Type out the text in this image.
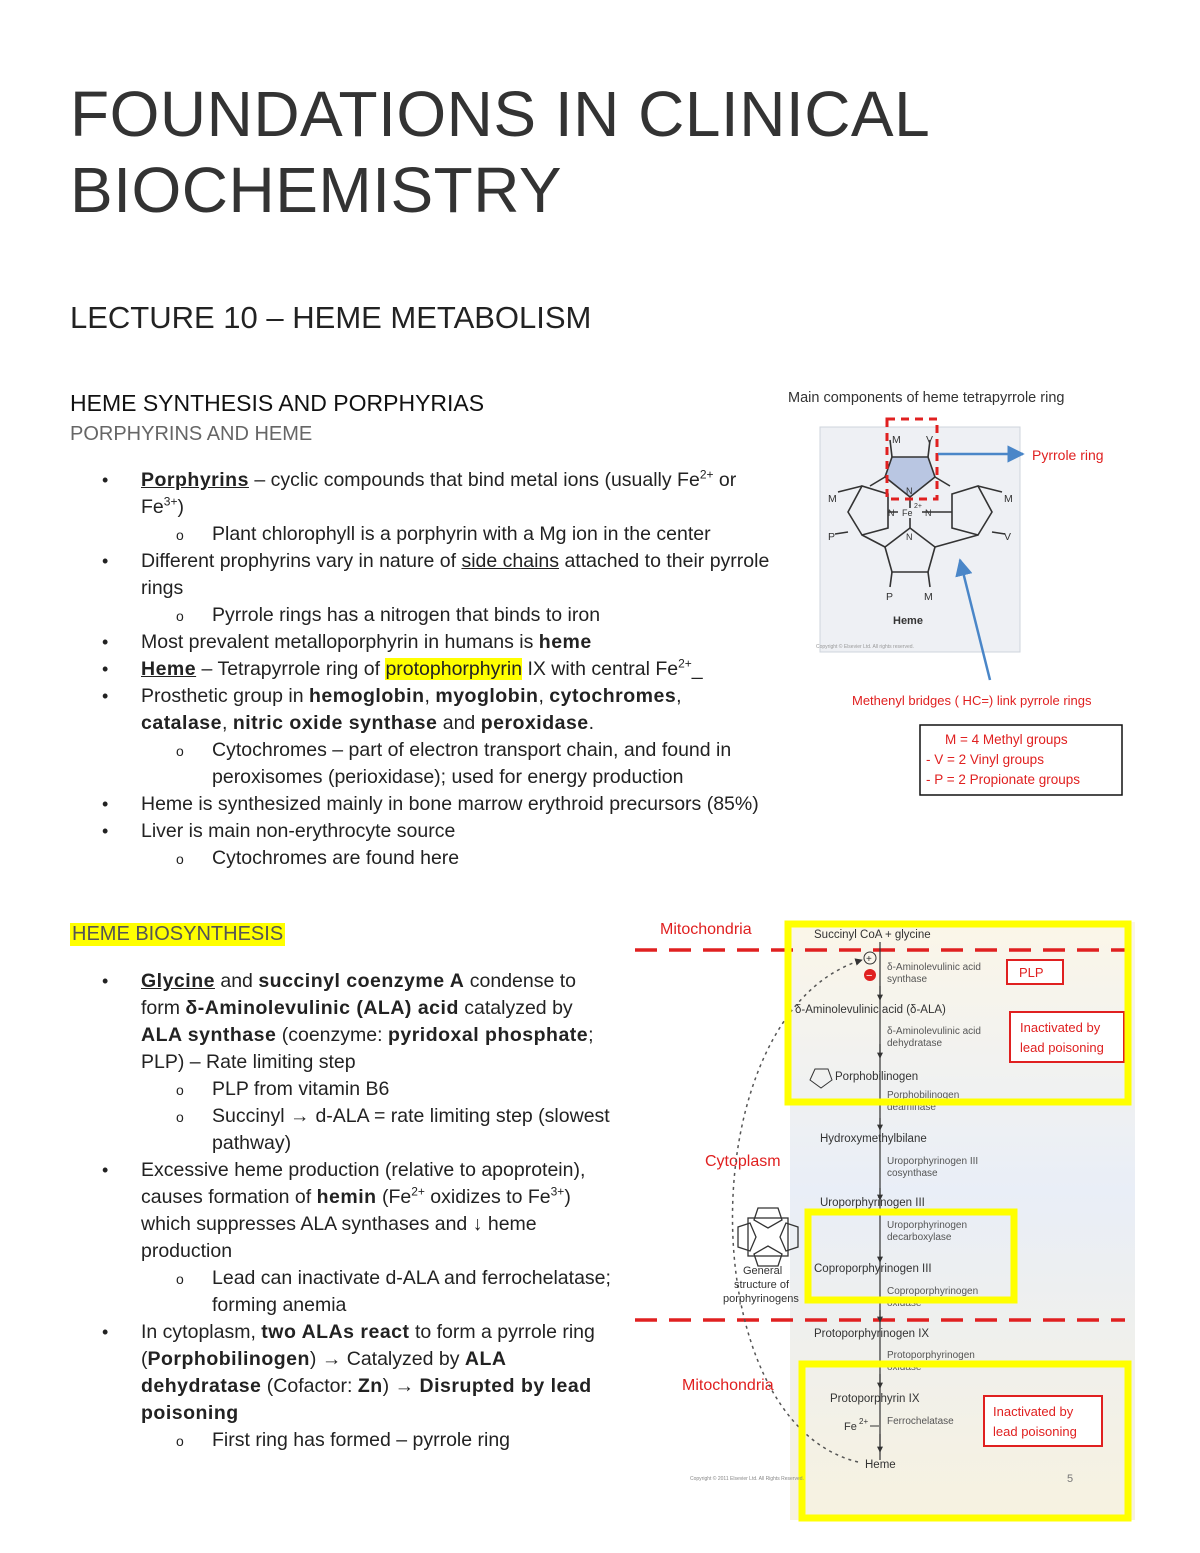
FOUNDATIONS IN CLINICAL
BIOCHEMISTRY
LECTURE 10 – HEME METABOLISM
HEME SYNTHESIS AND PORPHYRIAS
PORPHYRINS AND HEME
• Porphyrins – cyclic compounds that bind metal ions (usually $Fe^{2+}$ or $Fe^{3+}$)
o Plant chlorophyll is a porphyrin with a Mg ion in the center
• Different prophyrins vary in nature of side chains attached to their pyrrole rings
o Pyrrole rings has a nitrogen that binds to iron
• Most prevalent metalloporphyrin in humans is heme
• Heme – Tetrapyrrole ring of protophorphyrin IX with central $Fe^{2+}\_$
• Prosthetic group in hemoglobin, myoglobin, cytochromes, catalase, nitric oxide synthase and peroxidase.
o Cytochromes – part of electron transport chain, and found in peroxisomes (perioxidase); used for energy production
• Heme is synthesized mainly in bone marrow erythroid precursors (85%)
• Liver is main non-erythrocyte source
o Cytochromes are found here
HEME BIOSYNTHESIS
• Glycine and succinyl coenzyme A condense to form δ-Aminolevulinic (ALA) acid catalyzed by ALA synthase (coenzyme: pyridoxal phosphate; PLP) – Rate limiting step
o PLP from vitamin B6
o Succinyl → d-ALA = rate limiting step (slowest pathway)
• Excessive heme production (relative to apoprotein), causes formation of hemin ($Fe^{2+}$ oxidizes to $Fe^{3+}$) which suppresses ALA synthases and ↓ heme production
o Lead can inactivate d-ALA and ferrochelatase; forming anemia
• In cytoplasm, two ALAs react to form a pyrrole ring (Porphobilinogen) → Catalyzed by ALA dehydratase (Cofactor: Zn) → Disrupted by lead poisoning
o First ring has formed – pyrrole ring
Main components of heme tetrapyrrole ring
M V
M
P
M
V
P	M
N
N
N	N
Fe
2+
Heme
Copyright © Elsevier Ltd. All rights reserved.
Pyrrole ring
Methenyl bridges ( HC=) link pyrrole rings
M = 4 Methyl groups
- V = 2 Vinyl groups
- P = 2 Propionate groups
Mitochondria
Cytoplasm
Mitochondria
Succinyl CoA + glycine
δ-Aminolevulinic acid (δ-ALA)
Porphobilinogen
Hydroxymethylbilane
Uroporphyrinogen III
Coproporphyrinogen III
Protoporphyrinogen IX
Protoporphyrin IX
Heme
δ-Aminolevulinic acid
synthase
δ-Aminolevulinic acid
dehydratase
Porphobilinogen
deaminase
Uroporphyrinogen III
cosynthase
Uroporphyrinogen
decarboxylase
Coproporphyrinogen
oxidase
Protoporphyrinogen
oxidase
Ferrochelatase
Fe 2+
+
−
General
structure of
porphyrinogens
PLP
Inactivated by
lead poisoning
Inactivated by
lead poisoning
Copyright © 2011 Elsevier Ltd. All Rights Reserved.	5
